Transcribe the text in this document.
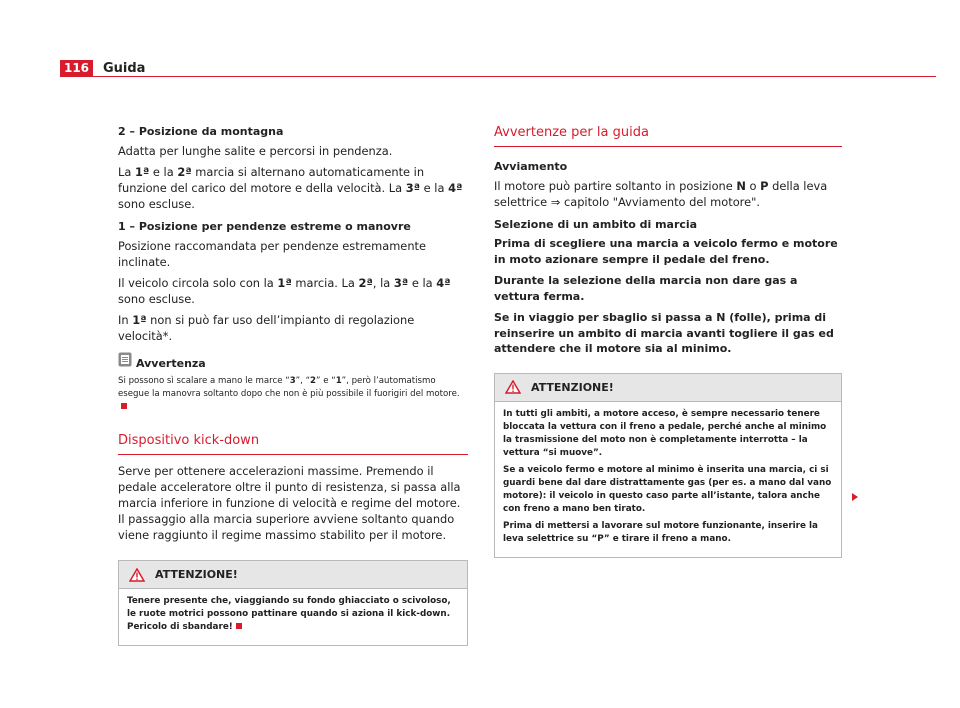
116	Guida
2 – Posizione da montagna
Adatta per lunghe salite e percorsi in pendenza.
La 1ª e la 2ª marcia si alternano automaticamente in funzione del carico del motore e della velocità. La 3ª e la 4ª sono escluse.
1 – Posizione per pendenze estreme o manovre
Posizione raccomandata per pendenze estremamente inclinate.
Il veicolo circola solo con la 1ª marcia. La 2ª, la 3ª e la 4ª sono escluse.
In 1ª non si può far uso dell’impianto di regolazione velocità*.
Avvertenza
Si possono sì scalare a mano le marce “3”, “2” e “1”, però l’automatismo esegue la manovra soltanto dopo che non è più possibile il fuorigiri del motore.
Dispositivo kick-down
Serve per ottenere accelerazioni massime. Premendo il pedale acceleratore oltre il punto di resistenza, si passa alla marcia inferiore in funzione di velocità e regime del motore. Il passaggio alla marcia superiore avviene soltanto quando viene raggiunto il regime massimo stabilito per il motore.
ATTENZIONE!

Tenere presente che, viaggiando su fondo ghiacciato o scivoloso, le ruote motrici possono pattinare quando si aziona il kick-down. Pericolo di sbandare!

Avvertenze per la guida
Avviamento
Il motore può partire soltanto in posizione N o P della leva selettrice ⇒ capitolo "Avviamento del motore".
Selezione di un ambito di marcia
Prima di scegliere una marcia a veicolo fermo e motore in moto azionare sempre il pedale del freno.
Durante la selezione della marcia non dare gas a vettura ferma.
Se in viaggio per sbaglio si passa a N (folle), prima di reinserire un ambito di marcia avanti togliere il gas ed attendere che il motore sia al minimo.
ATTENZIONE!

In tutti gli ambiti, a motore acceso, è sempre necessario tenere bloccata la vettura con il freno a pedale, perché anche al minimo la trasmissione del moto non è completamente interrotta – la vettura “si muove”.

Se a veicolo fermo e motore al minimo è inserita una marcia, ci si guardi bene dal dare distrattamente gas (per es. a mano dal vano motore): il veicolo in questo caso parte all’istante, talora anche con freno a mano ben tirato.

Prima di mettersi a lavorare sul motore funzionante, inserire la leva selettrice su “P” e tirare il freno a mano.
